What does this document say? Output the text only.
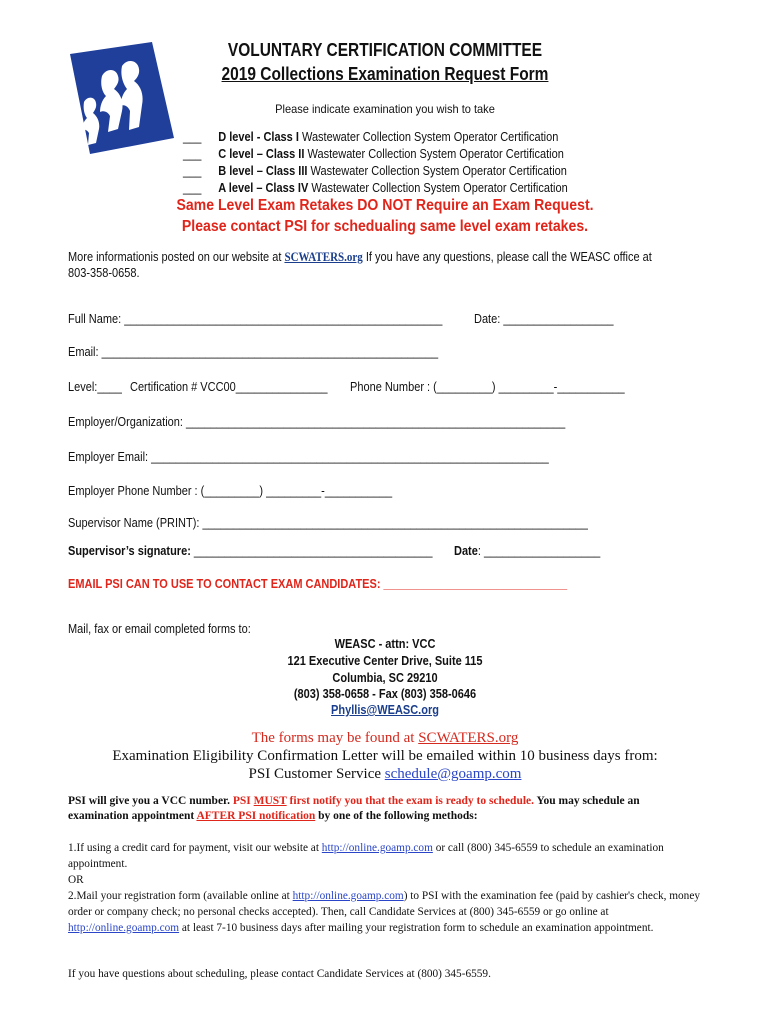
VOLUNTARY CERTIFICATION COMMITTEE
2019 Collections Examination Request Form
Please indicate examination you wish to take
___ D level - Class I Wastewater Collection System Operator Certification
___ C level – Class II Wastewater Collection System Operator Certification
___ B level – Class III Wastewater Collection System Operator Certification
___ A level – Class IV Wastewater Collection System Operator Certification
Same Level Exam Retakes DO NOT Require an Exam Request.
Please contact PSI for schedualing same level exam retakes.
More informationis posted on our website at SCWATERS.org If you have any questions, please call the WEASC office at
803-358-0658.
Full Name: ____________________________________________________	Date: __________________
Email: _______________________________________________________
Level:____ Certification # VCC00_______________ Phone Number : (_________) _________-___________
Employer/Organization: ______________________________________________________________
Employer Email: _________________________________________________________________
Employer Phone Number : (_________) _________-___________
Supervisor Name (PRINT): _______________________________________________________________
Supervisor’s signature: _______________________________________ Date: ___________________
EMAIL PSI CAN TO USE TO CONTACT EXAM CANDIDATES: ______________________________
Mail, fax or email completed forms to:
WEASC - attn: VCC
121 Executive Center Drive, Suite 115
Columbia, SC 29210
(803) 358-0658 - Fax (803) 358-0646
Phyllis@WEASC.org
The forms may be found at SCWATERS.org
Examination Eligibility Confirmation Letter will be emailed within 10 business days from:
PSI Customer Service schedule@goamp.com
PSI will give you a VCC number. PSI MUST first notify you that the exam is ready to schedule. You may schedule an
examination appointment AFTER PSI notification by one of the following methods:
1.If using a credit card for payment, visit our website at http://online.goamp.com or call (800) 345-6559 to schedule an examination appointment.
OR
2.Mail your registration form (available online at http://online.goamp.com) to PSI with the examination fee (paid by cashier's check, money order or company check; no personal checks accepted). Then, call Candidate Services at (800) 345-6559 or go online at http://online.goamp.com at least 7-10 business days after mailing your registration form to schedule an examination appointment.
If you have questions about scheduling, please contact Candidate Services at (800) 345-6559.
